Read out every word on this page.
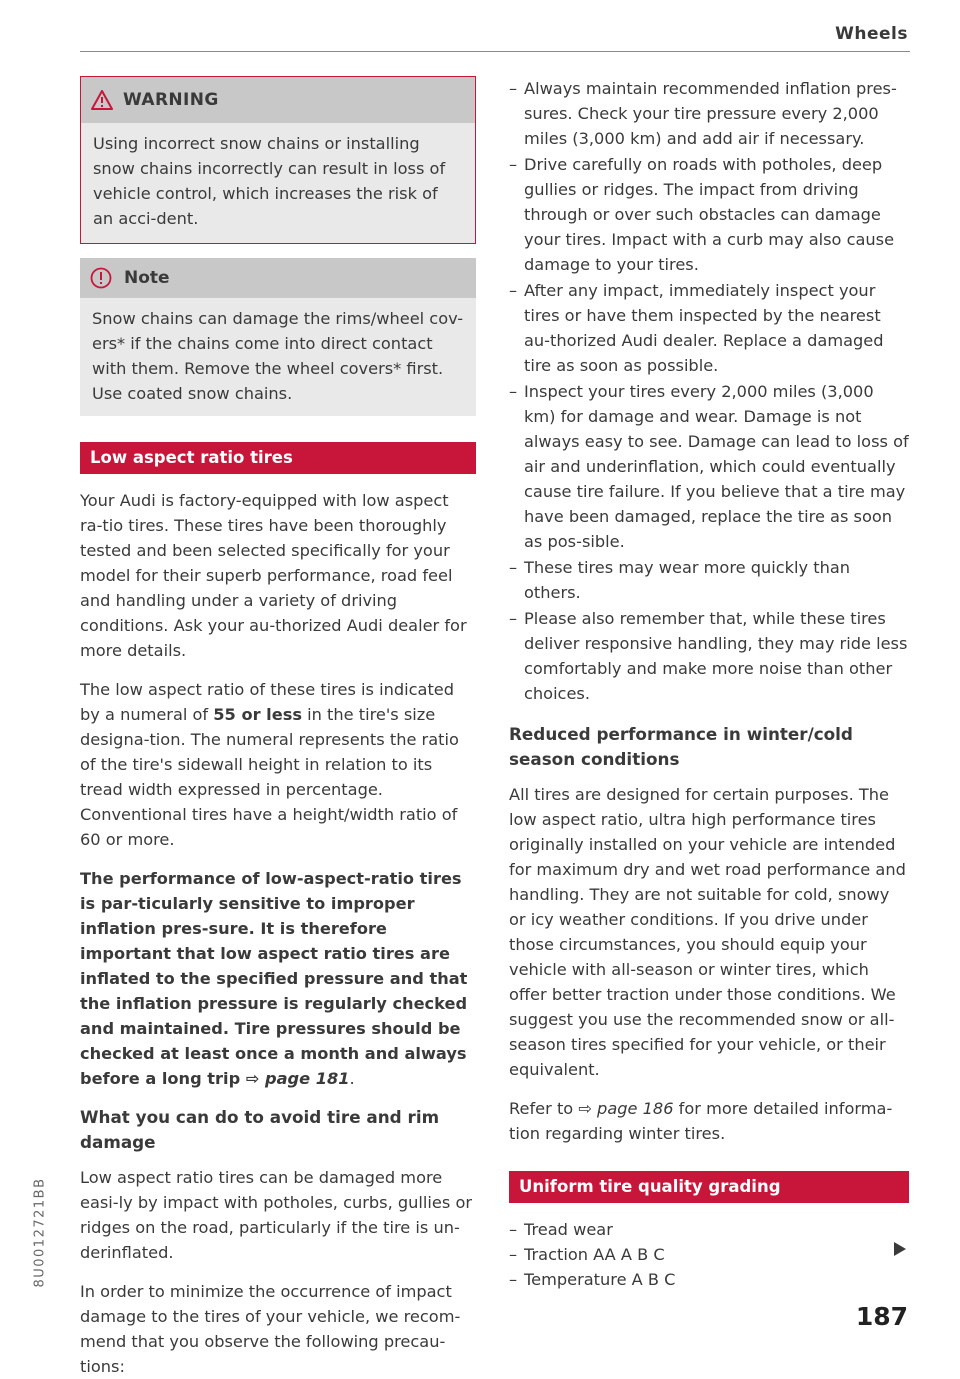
Wheels
8U0012721BB
WARNING

Using incorrect snow chains or installing snow chains incorrectly can result in loss of vehicle control, which increases the risk of an acci-dent.

Note

Snow chains can damage the rims/wheel cov-ers* if the chains come into direct contact with them. Remove the wheel covers* first. Use coated snow chains.

Low aspect ratio tires

Your Audi is factory-equipped with low aspect ra-tio tires. These tires have been thoroughly tested and been selected specifically for your model for their superb performance, road feel and handling under a variety of driving conditions. Ask your au-thorized Audi dealer for more details.

The low aspect ratio of these tires is indicated by a numeral of 55 or less in the tire's size designa-tion. The numeral represents the ratio of the tire's sidewall height in relation to its tread width expressed in percentage. Conventional tires have a height/width ratio of 60 or more.

The performance of low-aspect-ratio tires is par-ticularly sensitive to improper inflation pres-sure. It is therefore important that low aspect ratio tires are inflated to the specified pressure and that the inflation pressure is regularly checked and maintained. Tire pressures should be checked at least once a month and always before a long trip ⇨ page 181.

What you can do to avoid tire and rim damage

Low aspect ratio tires can be damaged more easi-ly by impact with potholes, curbs, gullies or ridges on the road, particularly if the tire is un-derinflated.

In order to minimize the occurrence of impact damage to the tires of your vehicle, we recom-mend that you observe the following precau-tions:

– Always maintain recommended inflation pres-sures. Check your tire pressure every 2,000 miles (3,000 km) and add air if necessary.
– Drive carefully on roads with potholes, deep gullies or ridges. The impact from driving through or over such obstacles can damage your tires. Impact with a curb may also cause damage to your tires.
– After any impact, immediately inspect your tires or have them inspected by the nearest au-thorized Audi dealer. Replace a damaged tire as soon as possible.
– Inspect your tires every 2,000 miles (3,000 km) for damage and wear. Damage is not always easy to see. Damage can lead to loss of air and underinflation, which could eventually cause tire failure. If you believe that a tire may have been damaged, replace the tire as soon as pos-sible.
– These tires may wear more quickly than others.
– Please also remember that, while these tires deliver responsive handling, they may ride less comfortably and make more noise than other choices.

Reduced performance in winter/cold season conditions

All tires are designed for certain purposes. The low aspect ratio, ultra high performance tires originally installed on your vehicle are intended for maximum dry and wet road performance and handling. They are not suitable for cold, snowy or icy weather conditions. If you drive under those circumstances, you should equip your vehicle with all-season or winter tires, which offer better traction under those conditions. We suggest you use the recommended snow or all-season tires specified for your vehicle, or their equivalent.

Refer to ⇨ page 186 for more detailed informa-tion regarding winter tires.

Uniform tire quality grading
– Tread wear
– Traction AA A B C
– Temperature A B C
187
